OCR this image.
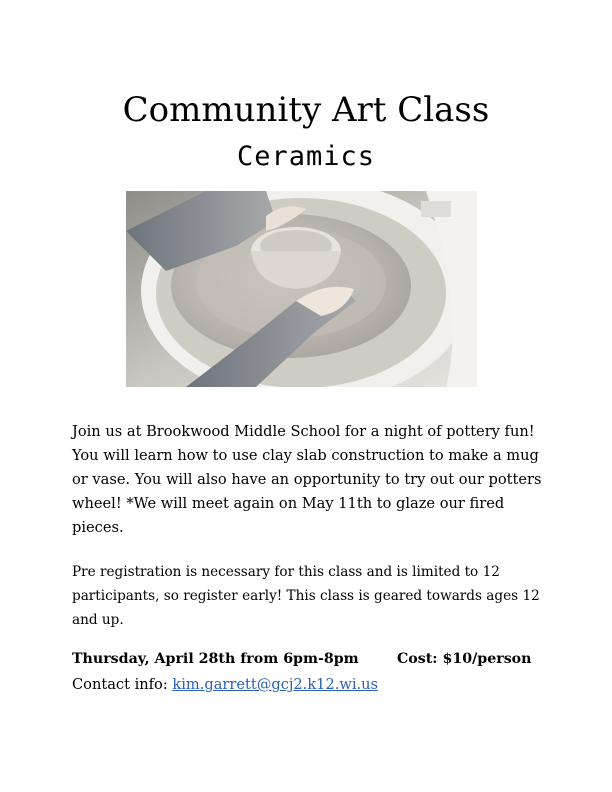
Community Art Class
Ceramics

Join us at Brookwood Middle School for a night of pottery fun! You will learn how to use clay slab construction to make a mug or vase. You will also have an opportunity to try out our potters wheel! *We will meet again on May 11th to glaze our fired pieces.

Pre registration is necessary for this class and is limited to 12 participants, so register early! This class is geared towards ages 12 and up.

Thursday, April 28th from 6pm-8pm	Cost: $10/person
Contact info: kim.garrett@gcj2.k12.wi.us
